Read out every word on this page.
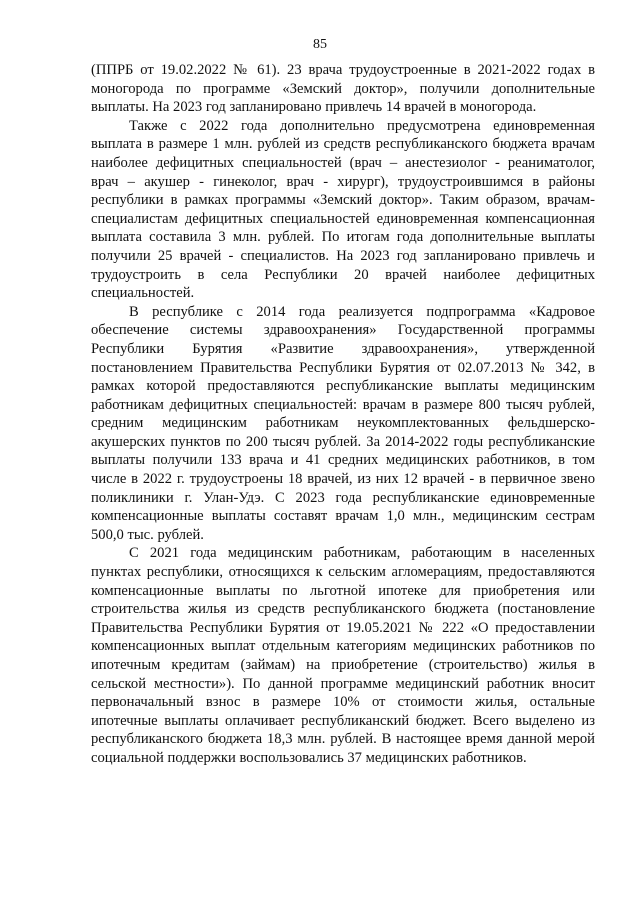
85

(ППРБ от 19.02.2022 № 61). 23 врача трудоустроенные в 2021-2022 годах в моногорода по программе «Земский доктор», получили дополнительные выплаты. На 2023 год запланировано привлечь 14 врачей в моногорода.

Также с 2022 года дополнительно предусмотрена единовременная выплата в размере 1 млн. рублей из средств республиканского бюджета врачам наиболее дефицитных специальностей (врач – анестезиолог - реаниматолог, врач – акушер - гинеколог, врач - хирург), трудоустроившимся в районы республики в рамках программы «Земский доктор». Таким образом, врачам-специалистам дефицитных специальностей единовременная компенсационная выплата составила 3 млн. рублей. По итогам года дополнительные выплаты получили 25 врачей - специалистов. На 2023 год запланировано привлечь и трудоустроить в села Республики 20 врачей наиболее дефицитных специальностей.

В республике с 2014 года реализуется подпрограмма «Кадровое обеспечение системы здравоохранения» Государственной программы Республики Бурятия «Развитие здравоохранения», утвержденной постановлением Правительства Республики Бурятия от 02.07.2013 № 342, в рамках которой предоставляются республиканские выплаты медицинским работникам дефицитных специальностей: врачам в размере 800 тысяч рублей, средним медицинским работникам неукомплектованных фельдшерско-акушерских пунктов по 200 тысяч рублей. За 2014-2022 годы республиканские выплаты получили 133 врача и 41 средних медицинских работников, в том числе в 2022 г. трудоустроены 18 врачей, из них 12 врачей - в первичное звено поликлиники г. Улан-Удэ. С 2023 года республиканские единовременные компенсационные выплаты составят врачам 1,0 млн., медицинским сестрам 500,0 тыс. рублей.

С 2021 года медицинским работникам, работающим в населенных пунктах республики, относящихся к сельским агломерациям, предоставляются компенсационные выплаты по льготной ипотеке для приобретения или строительства жилья из средств республиканского бюджета (постановление Правительства Республики Бурятия от 19.05.2021 № 222 «О предоставлении компенсационных выплат отдельным категориям медицинских работников по ипотечным кредитам (займам) на приобретение (строительство) жилья в сельской местности»). По данной программе медицинский работник вносит первоначальный взнос в размере 10% от стоимости жилья, остальные ипотечные выплаты оплачивает республиканский бюджет. Всего выделено из республиканского бюджета 18,3 млн. рублей. В настоящее время данной мерой социальной поддержки воспользовались 37 медицинских работников.
